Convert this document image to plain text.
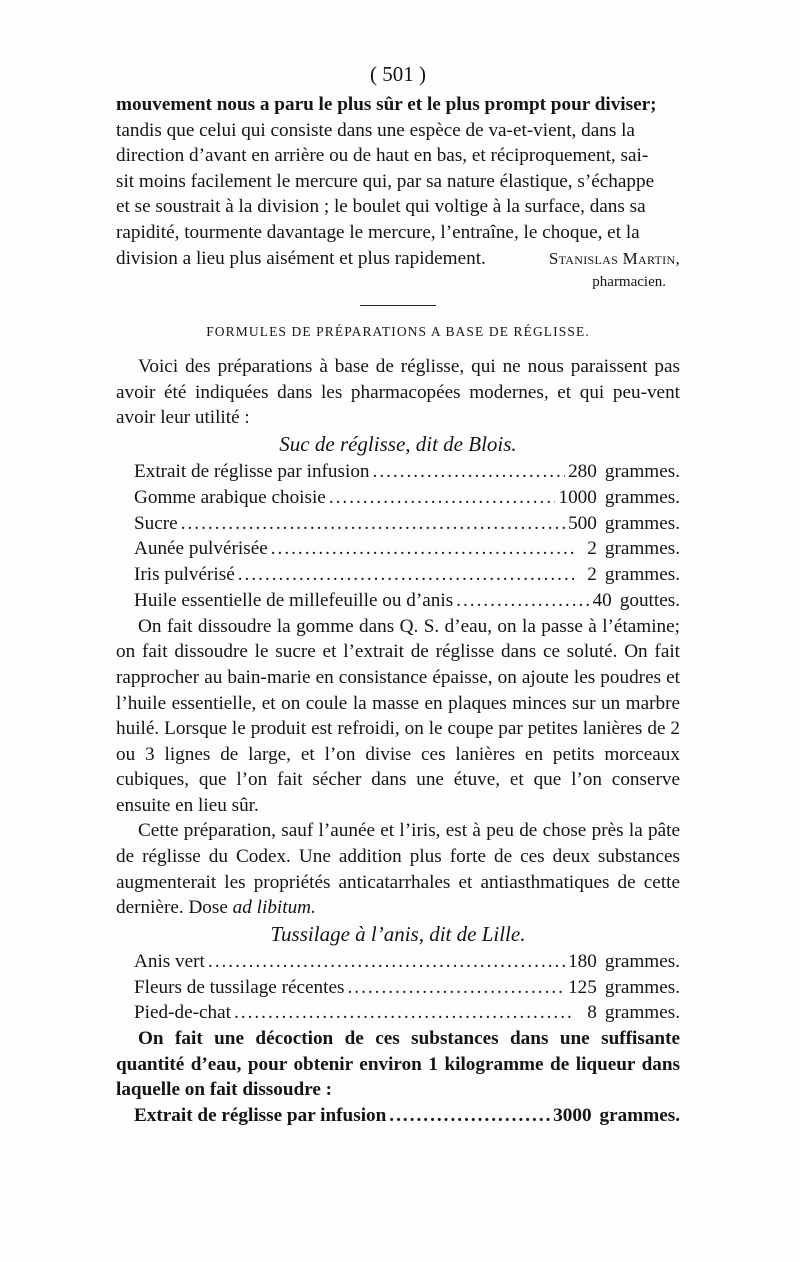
( 501 )
mouvement nous a paru le plus sûr et le plus prompt pour diviser;
tandis que celui qui consiste dans une espèce de va-et-vient, dans la
direction d’avant en arrière ou de haut en bas, et réciproquement, sai-
sit moins facilement le mercure qui, par sa nature élastique, s’échappe
et se soustrait à la division ; le boulet qui voltige à la surface, dans sa
rapidité, tourmente davantage le mercure, l’entraîne, le choque, et la
division a lieu plus aisément et plus rapidement.	Stanislas Martin,
pharmacien.
FORMULES DE PRÉPARATIONS A BASE DE RÉGLISSE.

Voici des préparations à base de réglisse, qui ne nous paraissent pas avoir été indiquées dans les pharmacopées modernes, et qui peu-vent avoir leur utilité :

Suc de réglisse, dit de Blois.
Extrait de réglisse par infusion .....	280 grammes.
Gomme arabique choisie .....	1000 grammes.
Sucre .....	500 grammes.
Aunée pulvérisée .....	2 grammes.
Iris pulvérisé .....	2 grammes.
Huile essentielle de millefeuille ou d’anis .....	40 gouttes.

On fait dissoudre la gomme dans Q. S. d’eau, on la passe à l’étamine; on fait dissoudre le sucre et l’extrait de réglisse dans ce soluté. On fait rapprocher au bain-marie en consistance épaisse, on ajoute les poudres et l’huile essentielle, et on coule la masse en plaques minces sur un marbre huilé. Lorsque le produit est refroidi, on le coupe par petites lanières de 2 ou 3 lignes de large, et l’on divise ces lanières en petits morceaux cubiques, que l’on fait sécher dans une étuve, et que l’on conserve ensuite en lieu sûr.

Cette préparation, sauf l’aunée et l’iris, est à peu de chose près la pâte de réglisse du Codex. Une addition plus forte de ces deux substances augmenterait les propriétés anticatarrhales et antiasthmatiques de cette dernière. Dose ad libitum.

Tussilage à l’anis, dit de Lille.
Anis vert .....	180 grammes.
Fleurs de tussilage récentes .....	125 grammes.
Pied-de-chat .....	8 grammes.

On fait une décoction de ces substances dans une suffisante quantité d’eau, pour obtenir environ 1 kilogramme de liqueur dans laquelle on fait dissoudre :

Extrait de réglisse par infusion .....	3000 grammes.
